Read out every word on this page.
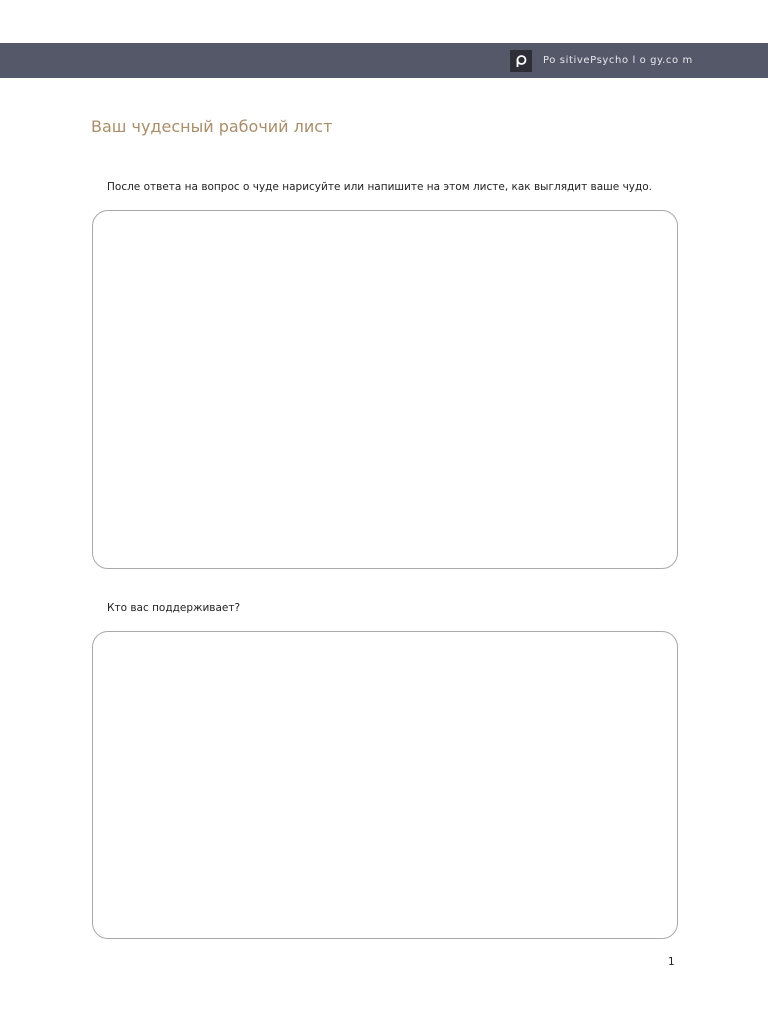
Po sitivePsycho l o gy.co m
Ваш чудесный рабочий лист

После ответа на вопрос о чуде нарисуйте или напишите на этом листе, как выглядит ваше чудо.

Кто вас поддерживает?

1
